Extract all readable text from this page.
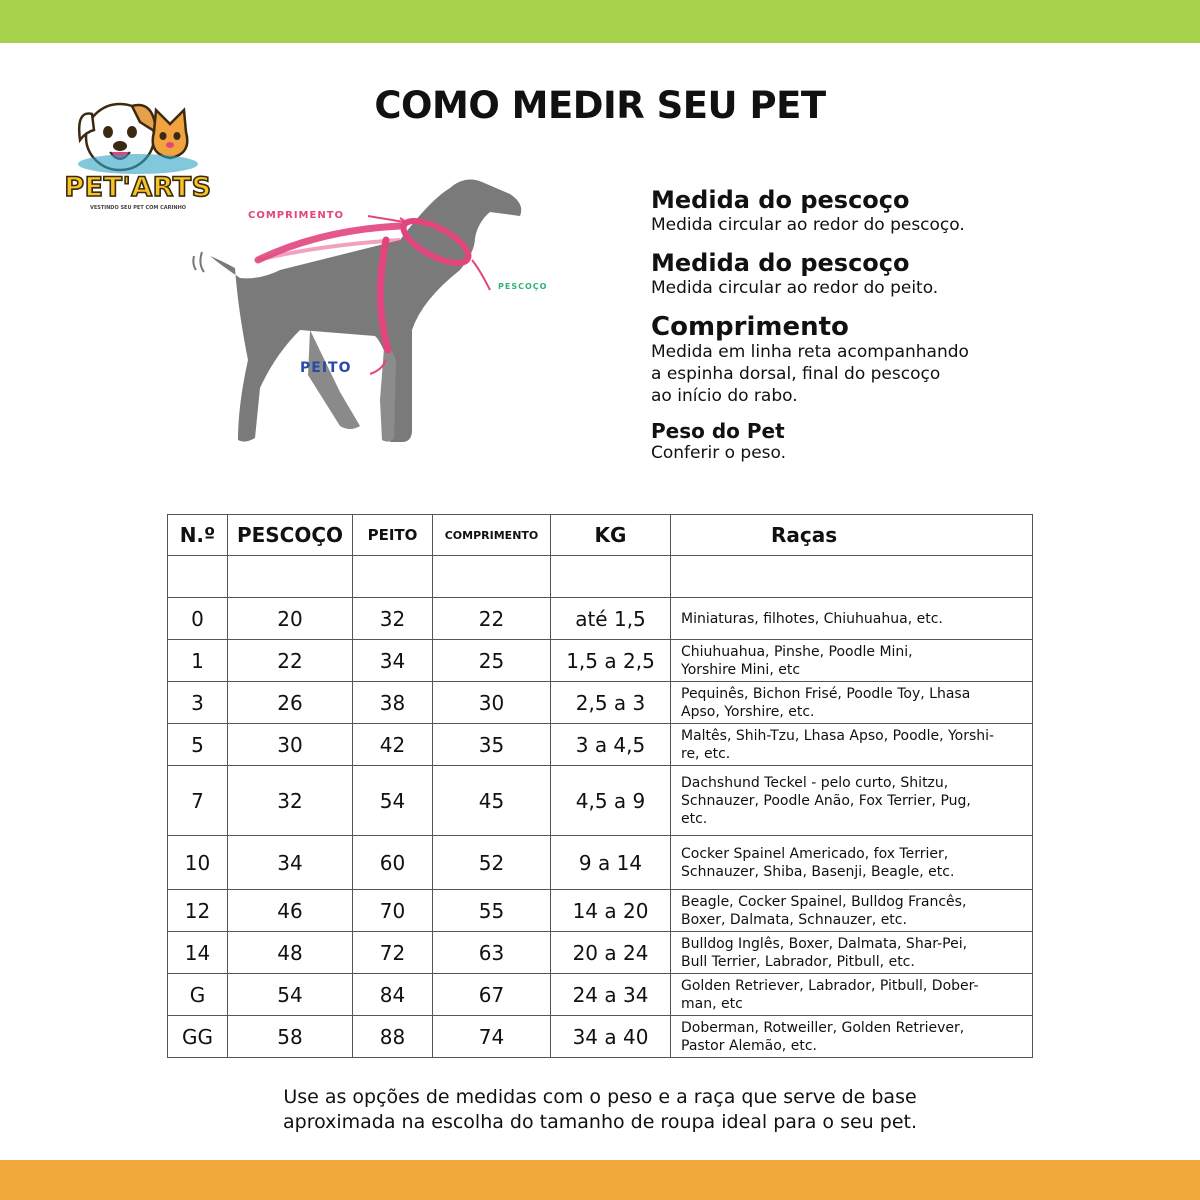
COMO MEDIR SEU PET
PET'ARTS
VESTINDO SEU PET COM CARINHO
COMPRIMENTO
PESCOÇO
PEITO

Medida do pescoço

Medida circular ao redor do pescoço.

Medida do pescoço

Medida circular ao redor do peito.

Comprimento

Medida em linha reta acompanhando

a espinha dorsal, final do pescoço

ao início do rabo.

Peso do Pet

Conferir o peso.

N.º	PESCOÇO	PEITO	COMPRIMENTO	KG	Raças

0	20	32	22	até 1,5	Miniaturas, filhotes, Chiuhuahua, etc.

1	22	34	25	1,5 a 2,5	Chiuhuahua, Pinshe, Poodle Mini,
Yorshire Mini, etc

3	26	38	30	2,5 a 3	Pequinês, Bichon Frisé, Poodle Toy, Lhasa
Apso, Yorshire, etc.

5	30	42	35	3 a 4,5	Maltês, Shih-Tzu, Lhasa Apso, Poodle, Yorshi-
re, etc.

7	32	54	45	4,5 a 9	Dachshund Teckel - pelo curto, Shitzu,
Schnauzer, Poodle Anão, Fox Terrier, Pug,
etc.

10	34	60	52	9 a 14	Cocker Spainel Americado, fox Terrier,
Schnauzer, Shiba, Basenji, Beagle, etc.

12	46	70	55	14 a 20	Beagle, Cocker Spainel, Bulldog Francês,
Boxer, Dalmata, Schnauzer, etc.

14	48	72	63	20 a 24	Bulldog Inglês, Boxer, Dalmata, Shar-Pei,
Bull Terrier, Labrador, Pitbull, etc.

G	54	84	67	24 a 34	Golden Retriever, Labrador, Pitbull, Dober-
man, etc

GG	58	88	74	34 a 40	Doberman, Rotweiller, Golden Retriever,
Pastor Alemão, etc.
Use as opções de medidas com o peso e a raça que serve de base
aproximada na escolha do tamanho de roupa ideal para o seu pet.
